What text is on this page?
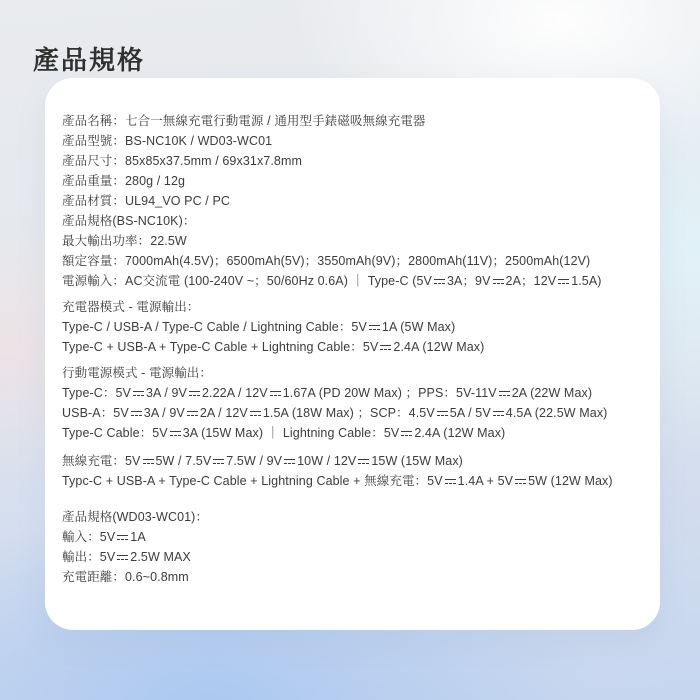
產品規格
產品名稱：七合一無線充電行動電源 / 通用型手錶磁吸無線充電器
產品型號：BS-NC10K / WD03-WC01
產品尺寸：85x85x37.5mm / 69x31x7.8mm
產品重量：280g / 12g
產品材質：UL94_VO PC / PC
產品規格(BS-NC10K)：
最大輸出功率：22.5W
額定容量：7000mAh(4.5V)；6500mAh(5V)；3550mAh(9V)；2800mAh(11V)；2500mAh(12V)
電源輸入：AC交流電 (100-240V ~；50/60Hz 0.6A) ｜ Type-C (5V 3A；9V 2A；12V 1.5A)
充電器模式 - 電源輸出：
Type-C / USB-A / Type-C Cable / Lightning Cable：5V 1A (5W Max)
Type-C + USB-A + Type-C Cable + Lightning Cable：5V 2.4A (12W Max)
行動電源模式 - 電源輸出：
Type-C：5V 3A / 9V 2.22A / 12V 1.67A (PD 20W Max) ；PPS：5V-11V 2A (22W Max)
USB-A：5V 3A / 9V 2A / 12V 1.5A (18W Max) ；SCP：4.5V 5A / 5V 4.5A (22.5W Max)
Type-C Cable：5V 3A (15W Max) ｜ Lightning Cable：5V 2.4A (12W Max)
無線充電：5V 5W / 7.5V 7.5W / 9V 10W / 12V 15W (15W Max)
Typc-C + USB-A + Type-C Cable + Lightning Cable + 無線充電：5V 1.4A + 5V 5W (12W Max)
產品規格(WD03-WC01)：
輸入：5V 1A
輸出：5V 2.5W MAX
充電距離：0.6~0.8mm
